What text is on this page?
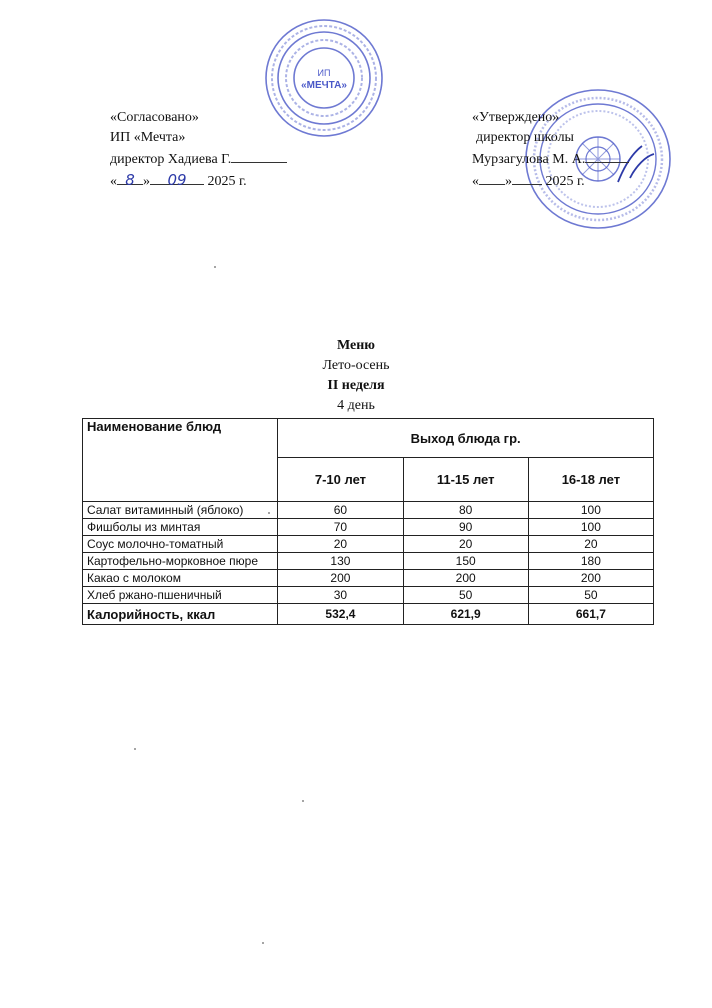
ИП
«МЕЧТА»
«Согласовано»
ИП «Мечта»
директор Хадиева Г.
« 8 » 09 2025 г.
«Утверждено»
директор школы
Мурзагулова М. А.
« » 2025 г.
Меню
Лето-осень
II неделя
4 день
Наименование блюд	Выход блюда гр.		
	7-10 лет	11-15 лет	16-18 лет
Салат витаминный (яблоко)	60	80	100
Фишболы из минтая	70	90	100
Соус молочно-томатный	20	20	20
Картофельно-морковное пюре	130	150	180
Какао с молоком	200	200	200
Хлеб ржано-пшеничный	30	50	50
Калорийность, ккал	532,4	621,9	661,7
